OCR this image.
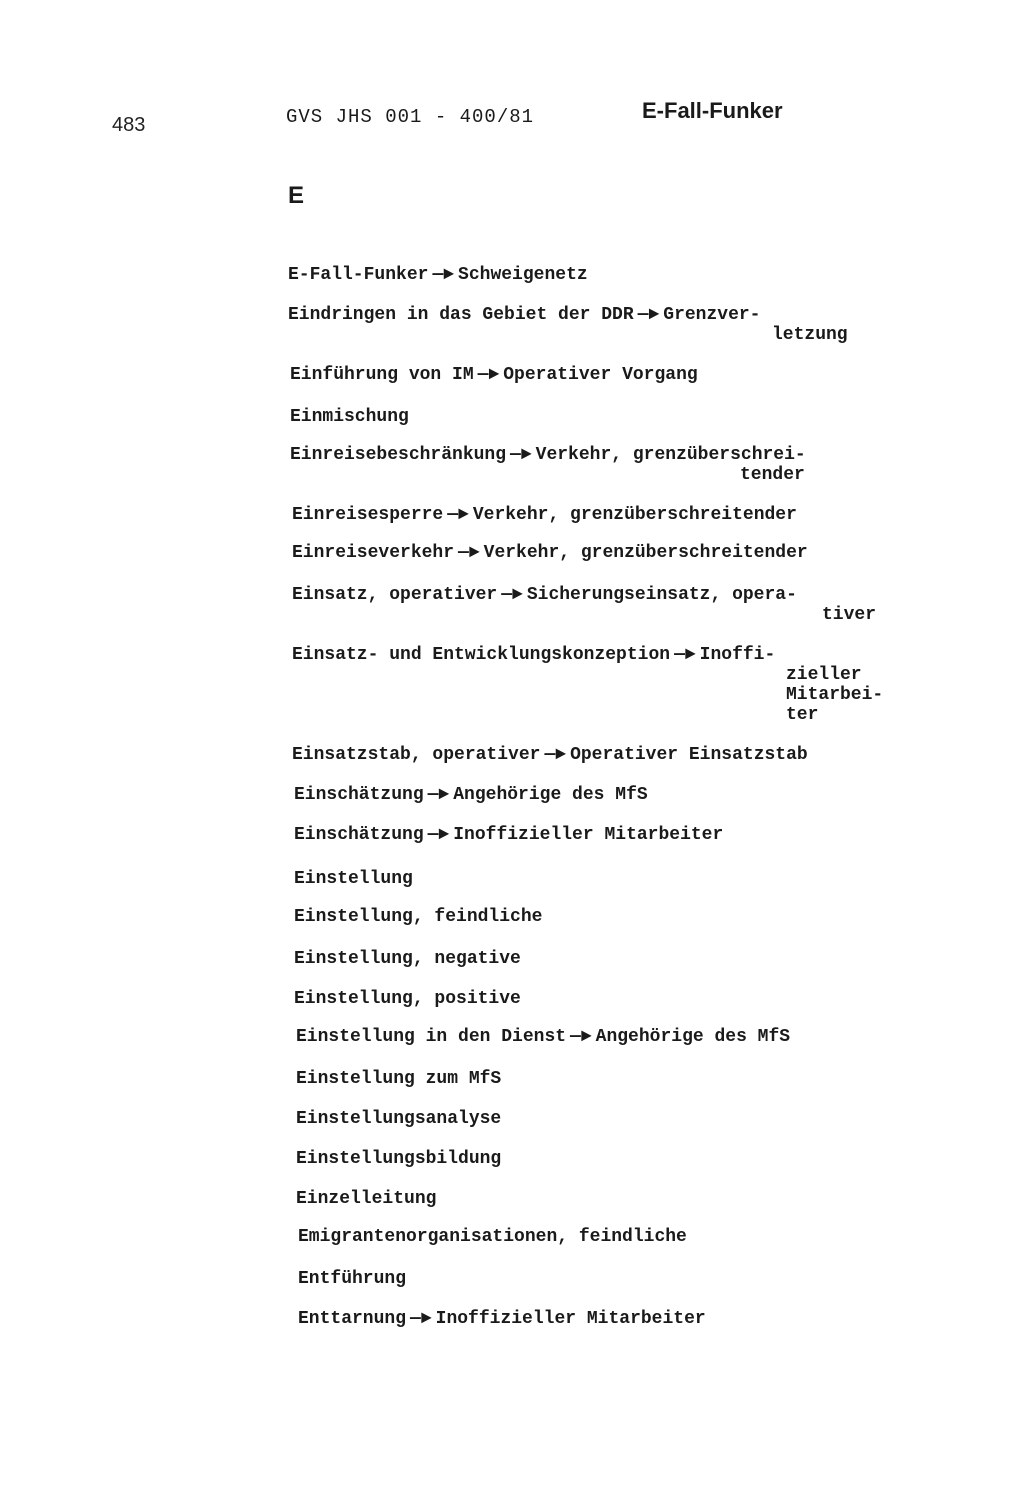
483	GVS JHS 001 - 400/81	E-Fall-Funker
E
E-Fall-Funker —► Schweigenetz
Eindringen in das Gebiet der DDR —► Grenzver-
letzung
Einführung von IM —► Operativer Vorgang
Einmischung
Einreisebeschränkung —► Verkehr, grenzüberschrei-
tender
Einreisesperre —► Verkehr, grenzüberschreitender
Einreiseverkehr —► Verkehr, grenzüberschreitender
Einsatz, operativer —► Sicherungseinsatz, opera-
tiver
Einsatz- und Entwicklungskonzeption —► Inoffi-
zieller
Mitarbei-
ter
Einsatzstab, operativer —► Operativer Einsatzstab
Einschätzung —► Angehörige des MfS
Einschätzung —► Inoffizieller Mitarbeiter
Einstellung
Einstellung, feindliche
Einstellung, negative
Einstellung, positive
Einstellung in den Dienst —► Angehörige des MfS
Einstellung zum MfS
Einstellungsanalyse
Einstellungsbildung
Einzelleitung
Emigrantenorganisationen, feindliche
Entführung
Enttarnung —► Inoffizieller Mitarbeiter
